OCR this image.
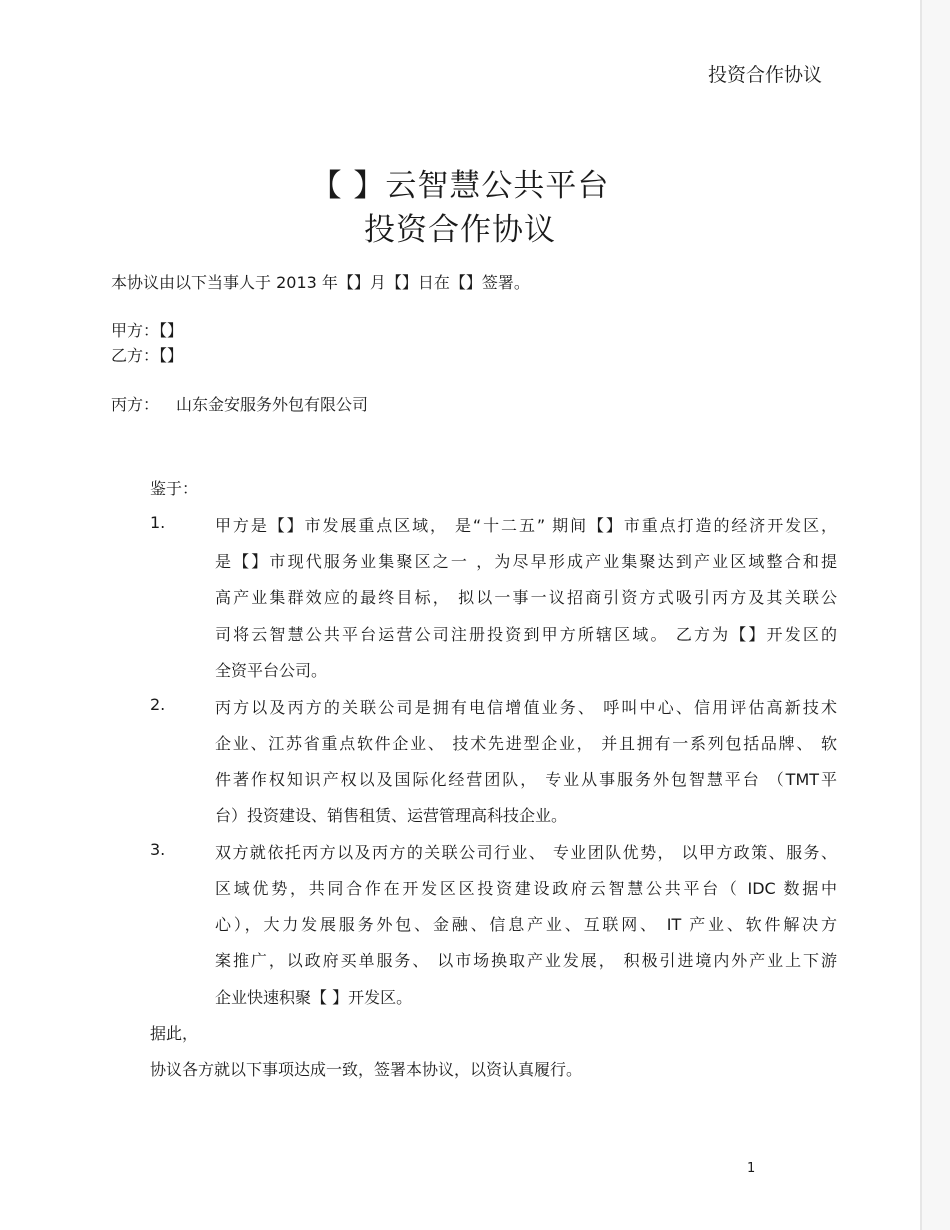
投资合作协议
【 】云智慧公共平台
投资合作协议
本协议由以下当事人于 2013 年【】月【】日在【】签署。
甲方：【】
乙方：【】
丙方： 山东金安服务外包有限公司
鉴于：
1.	甲方是【】市发展重点区域， 是“十二五” 期间【】市重点打造的经济开发区，
是【】市现代服务业集聚区之一 ，为尽早形成产业集聚达到产业区域整合和提
高产业集群效应的最终目标， 拟以一事一议招商引资方式吸引丙方及其关联公
司将云智慧公共平台运营公司注册投资到甲方所辖区域。 乙方为【】开发区的
全资平台公司。
2.	丙方以及丙方的关联公司是拥有电信增值业务、 呼叫中心、信用评估高新技术
企业、江苏省重点软件企业、 技术先进型企业， 并且拥有一系列包括品牌、 软
件著作权知识产权以及国际化经营团队， 专业从事服务外包智慧平台 （TMT平
台）投资建设、销售租赁、运营管理高科技企业。
3.	双方就依托丙方以及丙方的关联公司行业、 专业团队优势， 以甲方政策、服务、
区域优势，共同合作在开发区区投资建设政府云智慧公共平台（ IDC 数据中
心），大力发展服务外包、金融、信息产业、互联网、 IT 产业、软件解决方
案推广，以政府买单服务、 以市场换取产业发展， 积极引进境内外产业上下游
企业快速积聚【 】开发区。
据此，
协议各方就以下事项达成一致，签署本协议，以资认真履行。
1
